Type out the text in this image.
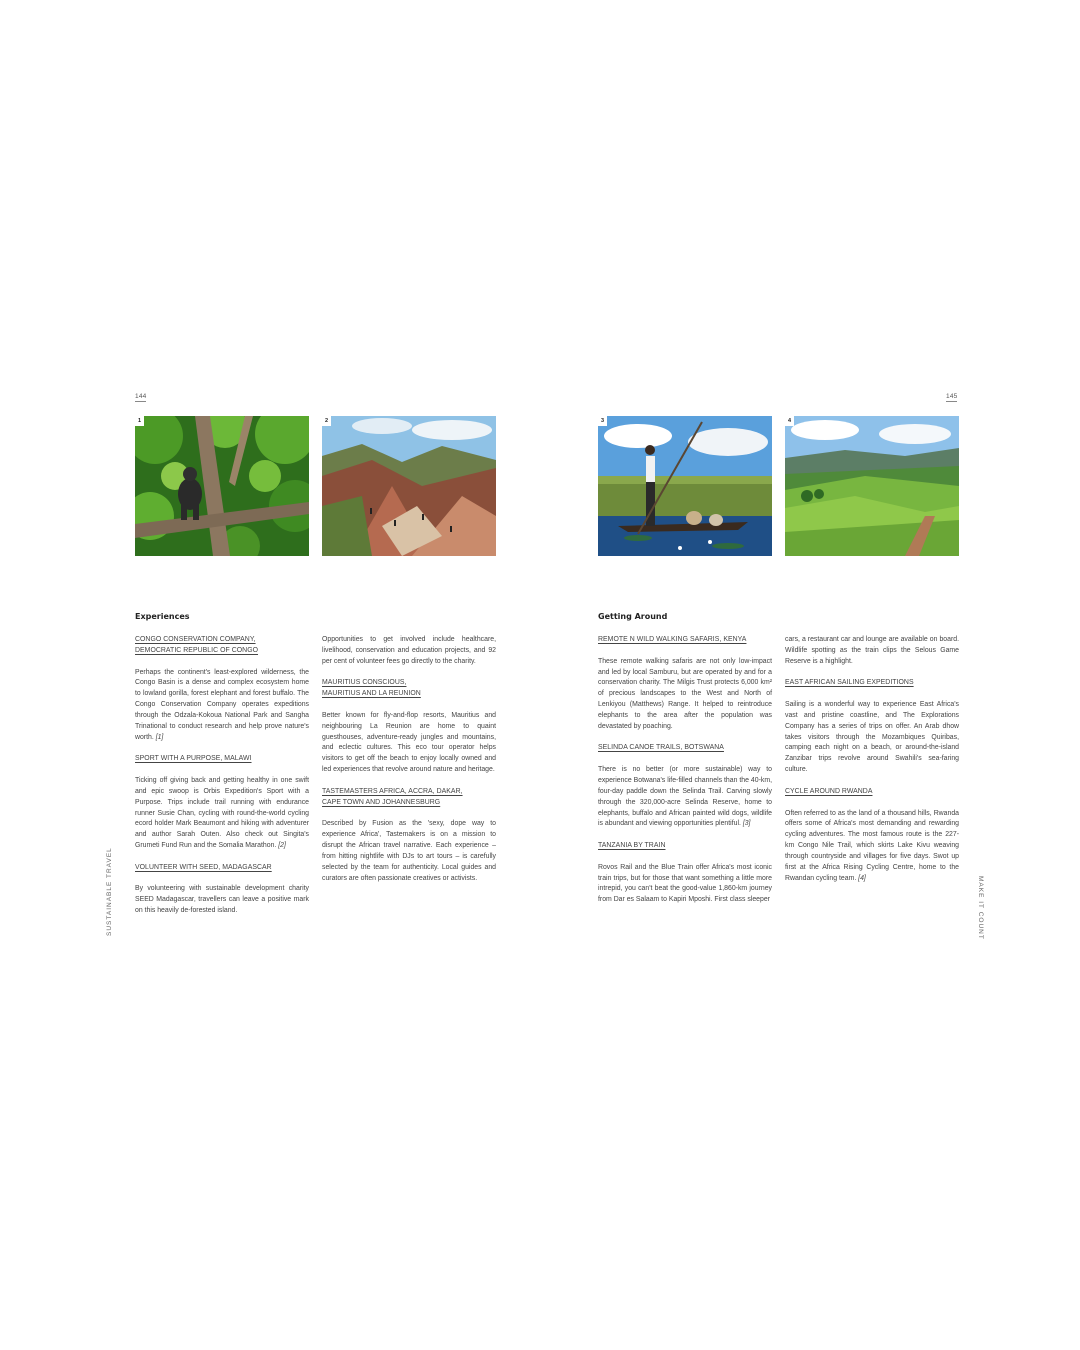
144	145
SUSTAINABLE TRAVEL	MAKE IT COUNT
1	2	3	4
Experiences	Getting Around
CONGO CONSERVATION COMPANY,
DEMOCRATIC REPUBLIC OF CONGO

Perhaps the continent's least-explored wilderness, the Congo Basin is a dense and complex ecosystem home to lowland gorilla, forest elephant and forest buffalo. The Congo Conservation Company operates expeditions through the Odzala-Kokoua National Park and Sangha Trinational to conduct research and help prove nature's worth. [1]

SPORT WITH A PURPOSE, MALAWI

Ticking off giving back and getting healthy in one swift and epic swoop is Orbis Expedition's Sport with a Purpose. Trips include trail running with endurance runner Susie Chan, cycling with round-the-world cycling ecord holder Mark Beaumont and hiking with adventurer and author Sarah Outen. Also check out Singita's Grumeti Fund Run and the Somalia Marathon. [2]

VOLUNTEER WITH SEED, MADAGASCAR

By volunteering with sustainable development charity SEED Madagascar, travellers can leave a positive mark on this heavily de-forested island.

Opportunities to get involved include healthcare, livelihood, conservation and education projects, and 92 per cent of volunteer fees go directly to the charity.

MAURITIUS CONSCIOUS,
MAURITIUS AND LA REUNION

Better known for fly-and-flop resorts, Mauritius and neighbouring La Reunion are home to quaint guesthouses, adventure-ready jungles and mountains, and eclectic cultures. This eco tour operator helps visitors to get off the beach to enjoy locally owned and led experiences that revolve around nature and heritage.

TASTEMASTERS AFRICA, ACCRA, DAKAR,
CAPE TOWN AND JOHANNESBURG

Described by Fusion as the 'sexy, dope way to experience Africa', Tastemakers is on a mission to disrupt the African travel narrative. Each experience – from hitting nightlife with DJs to art tours – is carefully selected by the team for authenticity. Local guides and curators are often passionate creatives or activists.

REMOTE N WILD WALKING SAFARIS, KENYA

These remote walking safaris are not only low-impact and led by local Samburu, but are operated by and for a conservation charity. The Milgis Trust protects 6,000 km² of precious landscapes to the West and North of Lenkiyou (Matthews) Range. It helped to reintroduce elephants to the area after the population was devastated by poaching.

SELINDA CANOE TRAILS, BOTSWANA

There is no better (or more sustainable) way to experience Botwana's life-filled channels than the 40-km, four-day paddle down the Selinda Trail. Carving slowly through the 320,000-acre Selinda Reserve, home to elephants, buffalo and African painted wild dogs, wildlife is abundant and viewing opportunities plentiful. [3]

TANZANIA BY TRAIN

Rovos Rail and the Blue Train offer Africa's most iconic train trips, but for those that want something a little more intrepid, you can't beat the good-value 1,860-km journey from Dar es Salaam to Kapiri Mposhi. First class sleeper

cars, a restaurant car and lounge are available on board. Wildlife spotting as the train clips the Selous Game Reserve is a highlight.

EAST AFRICAN SAILING EXPEDITIONS

Sailing is a wonderful way to experience East Africa's vast and pristine coastline, and The Explorations Company has a series of trips on offer. An Arab dhow takes visitors through the Mozambiques Quiribas, camping each night on a beach, or around-the-island Zanzibar trips revolve around Swahili's sea-faring culture.

CYCLE AROUND RWANDA

Often referred to as the land of a thousand hills, Rwanda offers some of Africa's most demanding and rewarding cycling adventures. The most famous route is the 227-km Congo Nile Trail, which skirts Lake Kivu weaving through countryside and villages for five days. Swot up first at the Africa Rising Cycling Centre, home to the Rwandan cycling team. [4]
